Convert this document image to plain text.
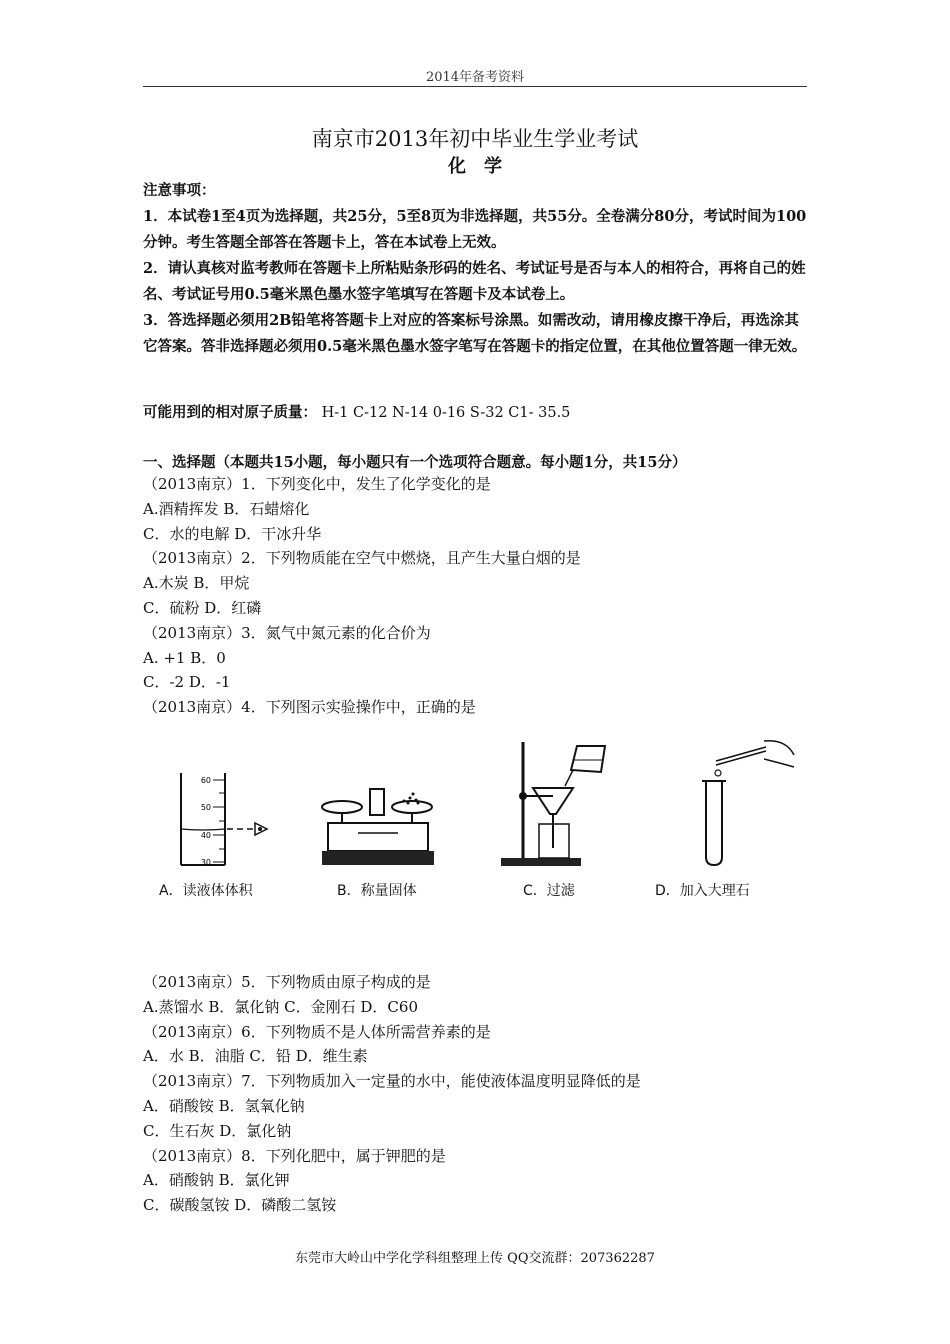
2014年备考资料
南京市2013年初中毕业生学业考试
化学

注意事项：

1．本试卷1至4页为选择题，共25分，5至8页为非选择题，共55分。全卷满分80分，考试时间为100分钟。考生答题全部答在答题卡上，答在本试卷上无效。

2．请认真核对监考教师在答题卡上所粘贴条形码的姓名、考试证号是否与本人的相符合，再将自己的姓名、考试证号用0.5毫米黑色墨水签字笔填写在答题卡及本试卷上。

3．答选择题必须用2B铅笔将答题卡上对应的答案标号涂黑。如需改动，请用橡皮擦干净后，再选涂其它答案。答非选择题必须用0.5毫米黑色墨水签字笔写在答题卡的指定位置，在其他位置答题一律无效。

可能用到的相对原子质量： H-1 C-12 N-14 0-16 S-32 C1- 35.5
一、选择题（本题共15小题，每小题只有一个选项符合题意。每小题1分，共15分）
（2013南京）1．下列变化中，发生了化学变化的是
A.酒精挥发 B．石蜡熔化
C．水的电解 D．干冰升华
（2013南京）2．下列物质能在空气中燃烧，且产生大量白烟的是
A.木炭 B．甲烷
C．硫粉 D．红磷
（2013南京）3．氮气中氮元素的化合价为
A. +1 B．0
C．-2 D．-1
（2013南京）4．下列图示实验操作中，正确的是
60
50
40
30
A．读液体体积	B．称量固体	C．过滤	D．加入大理石
（2013南京）5．下列物质由原子构成的是
A.蒸馏水 B．氯化钠 C．金刚石 D．C60
（2013南京）6．下列物质不是人体所需营养素的是
A．水 B．油脂 C．铅 D．维生素
（2013南京）7．下列物质加入一定量的水中，能使液体温度明显降低的是
A．硝酸铵 B．氢氧化钠
C．生石灰 D．氯化钠
（2013南京）8．下列化肥中，属于钾肥的是
A．硝酸钠 B．氯化钾
C．碳酸氢铵 D．磷酸二氢铵
东莞市大岭山中学化学科组整理上传 QQ交流群：207362287
